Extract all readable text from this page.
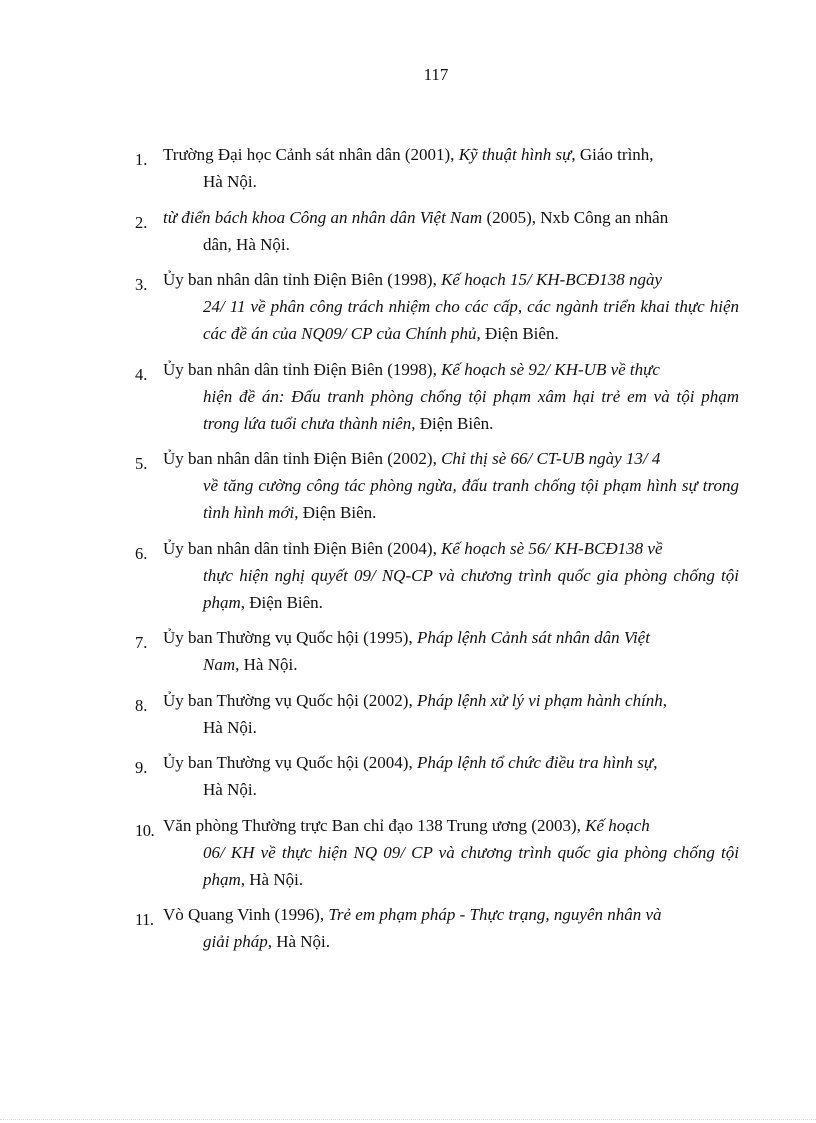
117
1. Trường Đại học Cảnh sát nhân dân (2001), Kỹ thuật hình sự, Giáo trình,
Hà Nội.
2. từ điển bách khoa Công an nhân dân Việt Nam (2005), Nxb Công an nhân
dân, Hà Nội.
3. Ủy ban nhân dân tỉnh Điện Biên (1998), Kế hoạch 15/ KH-BCĐ138 ngày
24/ 11 về phân công trách nhiệm cho các cấp, các ngành triển khai thực hiện các đề án của NQ09/ CP của Chính phủ, Điện Biên.
4. Ủy ban nhân dân tỉnh Điện Biên (1998), Kế hoạch sè 92/ KH-UB về thực
hiện đề án: Đấu tranh phòng chống tội phạm xâm hại trẻ em và tội phạm trong lứa tuổi chưa thành niên, Điện Biên.
5. Ủy ban nhân dân tỉnh Điện Biên (2002), Chỉ thị sè 66/ CT-UB ngày 13/ 4
về tăng cường công tác phòng ngừa, đấu tranh chống tội phạm hình sự trong tình hình mới, Điện Biên.
6. Ủy ban nhân dân tỉnh Điện Biên (2004), Kế hoạch sè 56/ KH-BCĐ138 về
thực hiện nghị quyết 09/ NQ-CP và chương trình quốc gia phòng chống tội phạm, Điện Biên.
7. Ủy ban Thường vụ Quốc hội (1995), Pháp lệnh Cảnh sát nhân dân Việt
Nam, Hà Nội.
8. Ủy ban Thường vụ Quốc hội (2002), Pháp lệnh xử lý vi phạm hành chính,
Hà Nội.
9. Ủy ban Thường vụ Quốc hội (2004), Pháp lệnh tổ chức điều tra hình sự,
Hà Nội.
10. Văn phòng Thường trực Ban chỉ đạo 138 Trung ương (2003), Kế hoạch
06/ KH về thực hiện NQ 09/ CP và chương trình quốc gia phòng chống tội phạm, Hà Nội.
11. Vò Quang Vinh (1996), Trẻ em phạm pháp - Thực trạng, nguyên nhân và
giải pháp, Hà Nội.
